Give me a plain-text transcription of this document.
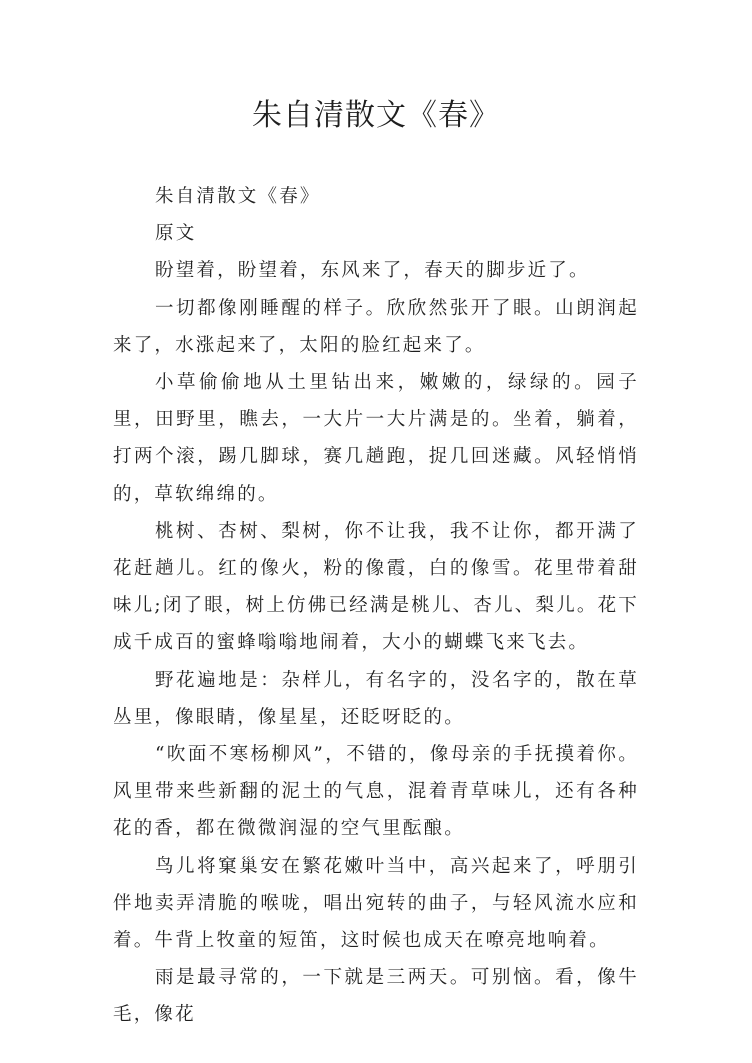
朱自清散文《春》

朱自清散文《春》

原文

盼望着，盼望着，东风来了，春天的脚步近了。

一切都像刚睡醒的样子。欣欣然张开了眼。山朗润起来了，水涨起来了，太阳的脸红起来了。

小草偷偷地从土里钻出来，嫩嫩的，绿绿的。园子里，田野里，瞧去，一大片一大片满是的。坐着，躺着，打两个滚，踢几脚球，赛几趟跑，捉几回迷藏。风轻悄悄的，草软绵绵的。

桃树、杏树、梨树，你不让我，我不让你，都开满了花赶趟儿。红的像火，粉的像霞，白的像雪。花里带着甜味儿;闭了眼，树上仿佛已经满是桃儿、杏儿、梨儿。花下成千成百的蜜蜂嗡嗡地闹着，大小的蝴蝶飞来飞去。

野花遍地是：杂样儿，有名字的，没名字的，散在草丛里，像眼睛，像星星，还眨呀眨的。

“吹面不寒杨柳风”，不错的，像母亲的手抚摸着你。风里带来些新翻的泥土的气息，混着青草味儿，还有各种花的香，都在微微润湿的空气里酝酿。

鸟儿将窠巢安在繁花嫩叶当中，高兴起来了，呼朋引伴地卖弄清脆的喉咙，唱出宛转的曲子，与轻风流水应和着。牛背上牧童的短笛，这时候也成天在嘹亮地响着。

雨是最寻常的，一下就是三两天。可别恼。看，像牛毛，像花
